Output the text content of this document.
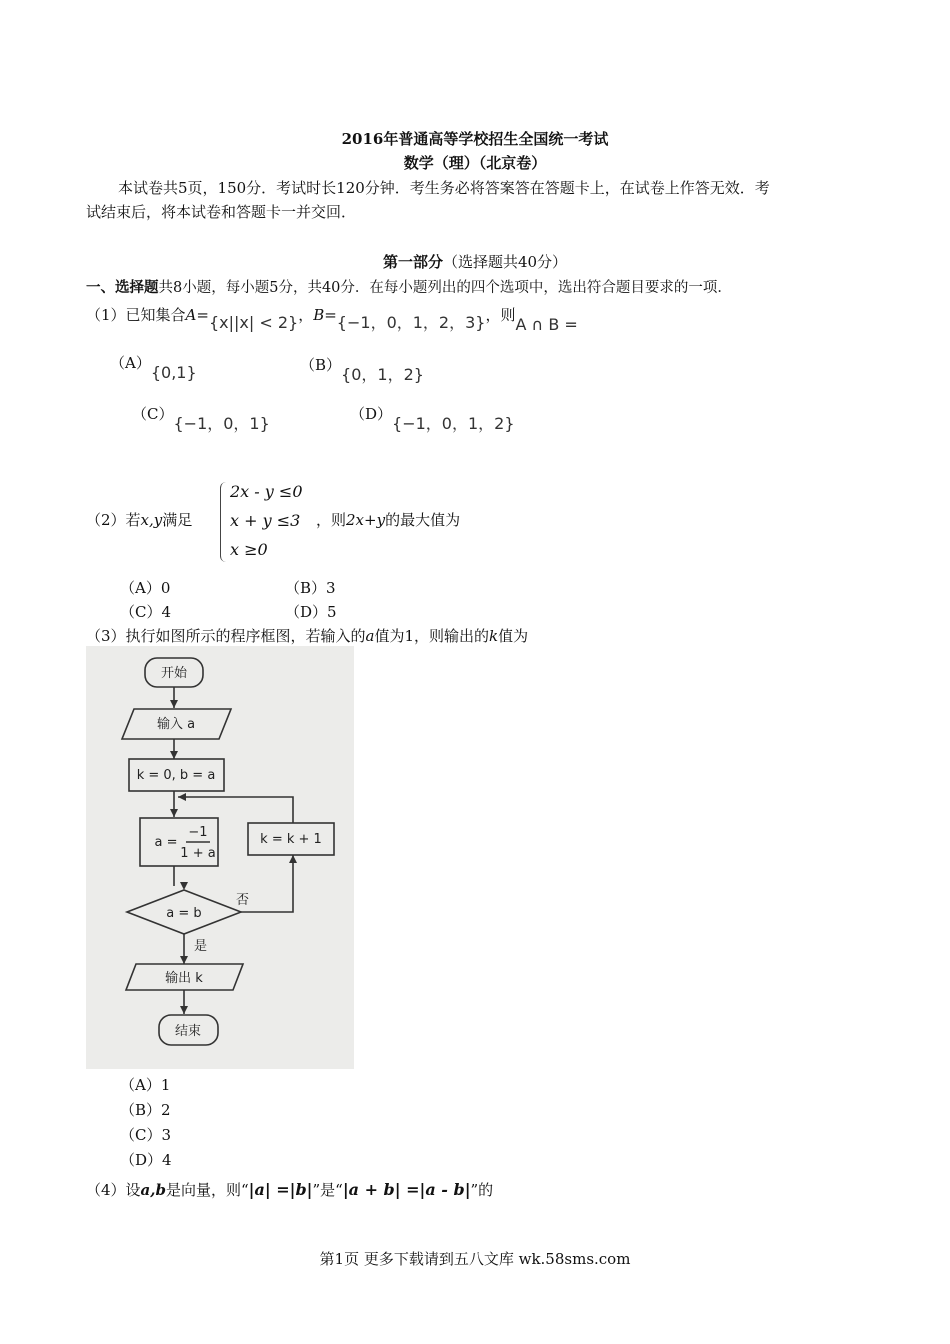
2016年普通高等学校招生全国统一考试
数学（理）（北京卷）
本试卷共5页，150分．考试时长120分钟．考生务必将答案答在答题卡上，在试卷上作答无效．考
试结束后，将本试卷和答题卡一并交回．
第一部分（选择题共40分）
一、选择题共8小题，每小题5分，共40分．在每小题列出的四个选项中，选出符合题目要求的一项．
（1）已知集合A={x||x| < 2}，B={−1，0，1，2，3}，则A ∩ B =
（A）{0,1}	（B）{0，1，2}
（C）{−1，0，1}	（D）{−1，0，1，2}
（2）若x,y满足
2x - y ≤0
x + y ≤3
x ≥0
，则2x+y的最大值为
（A）0	（B）3
（C）4	（D）5
（3）执行如图所示的程序框图，若输入的a值为1，则输出的k值为
开始
输入 a
k = 0, b = a
a =
−1
1 + a
k = k + 1
a = b
否
是
输出 k
结束
（A）1
（B）2
（C）3
（D）4
（4）设a,b是向量，则“|a| =|b|”是“|a + b| =|a - b|”的
第1页 更多下载请到五八文库 wk.58sms.com
